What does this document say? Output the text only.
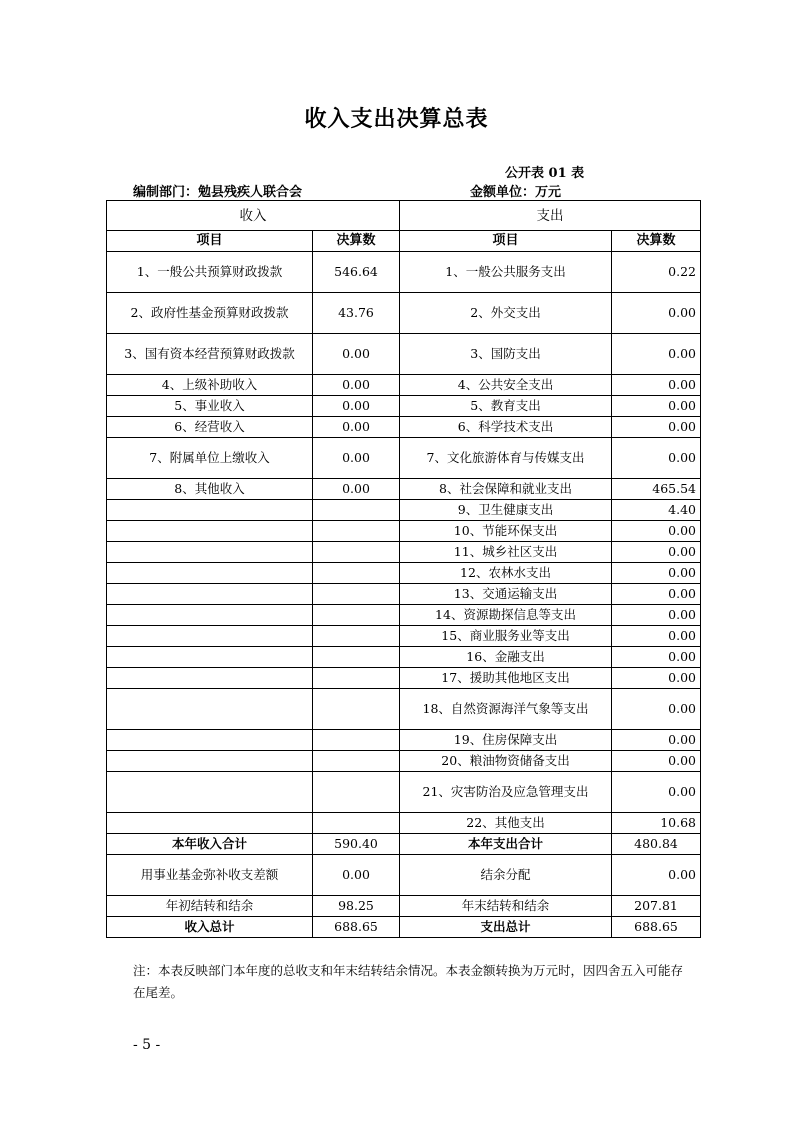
收入支出决算总表
公开表 01 表
编制部门：勉县残疾人联合会	金额单位：万元
收入		支出	
项目	决算数	项目	决算数
1、一般公共预算财政拨款	546.64	1、一般公共服务支出	0.22
2、政府性基金预算财政拨款	43.76	2、外交支出	0.00
3、国有资本经营预算财政拨款	0.00	3、国防支出	0.00
4、上级补助收入	0.00	4、公共安全支出	0.00
5、事业收入	0.00	5、教育支出	0.00
6、经营收入	0.00	6、科学技术支出	0.00
7、附属单位上缴收入	0.00	7、文化旅游体育与传媒支出	0.00
8、其他收入	0.00	8、社会保障和就业支出	465.54
		9、卫生健康支出	4.40
		10、节能环保支出	0.00
		11、城乡社区支出	0.00
		12、农林水支出	0.00
		13、交通运输支出	0.00
		14、资源勘探信息等支出	0.00
		15、商业服务业等支出	0.00
		16、金融支出	0.00
		17、援助其他地区支出	0.00
		18、自然资源海洋气象等支出	0.00
		19、住房保障支出	0.00
		20、粮油物资储备支出	0.00
		21、灾害防治及应急管理支出	0.00
		22、其他支出	10.68
本年收入合计	590.40	本年支出合计	480.84
用事业基金弥补收支差额	0.00	结余分配	0.00
年初结转和结余	98.25	年末结转和结余	207.81
收入总计	688.65	支出总计	688.65
注：本表反映部门本年度的总收支和年末结转结余情况。本表金额转换为万元时，因四舍五入可能存在尾差。
- 5 -
